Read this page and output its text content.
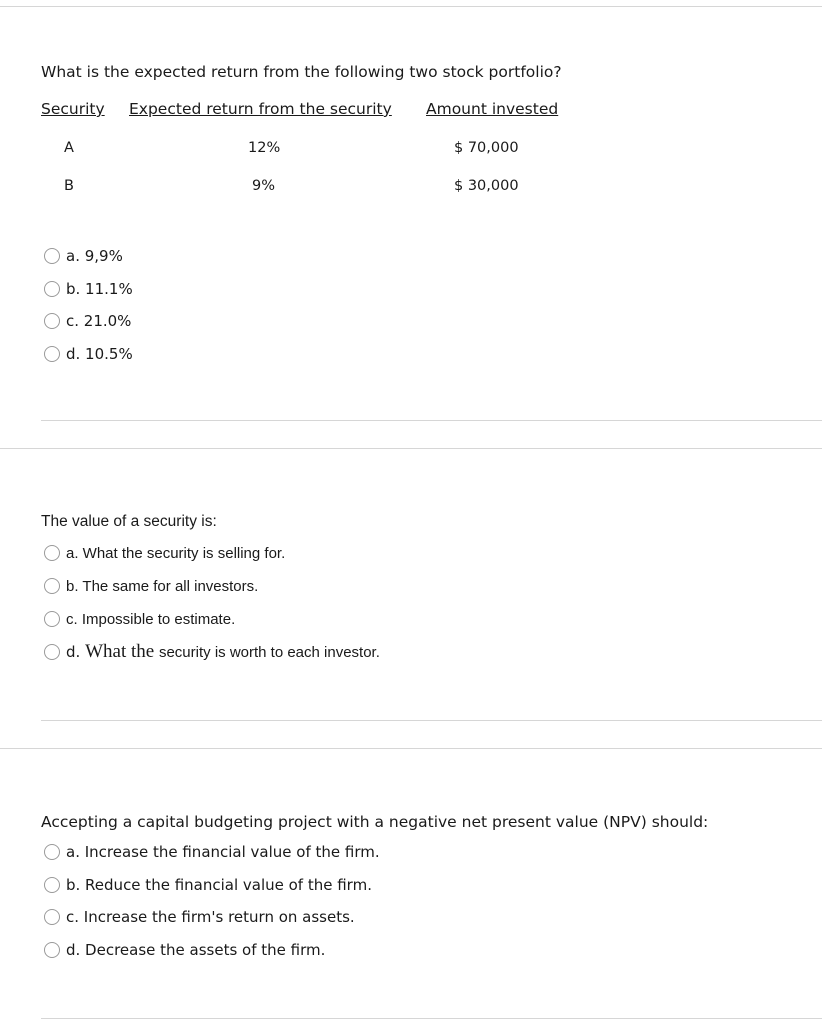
What is the expected return from the following two stock portfolio?
Security Expected return from the security Amount invested
A	12%	$ 70,000
B	9%	$ 30,000
a. 9,9%
b. 11.1%
c. 21.0%
d. 10.5%
The value of a security is:
a. What the security is selling for.
b. The same for all investors.
c. Impossible to estimate.
d. What the security is worth to each investor.
Accepting a capital budgeting project with a negative net present value (NPV) should:
a. Increase the financial value of the firm.
b. Reduce the financial value of the firm.
c. Increase the firm's return on assets.
d. Decrease the assets of the firm.
